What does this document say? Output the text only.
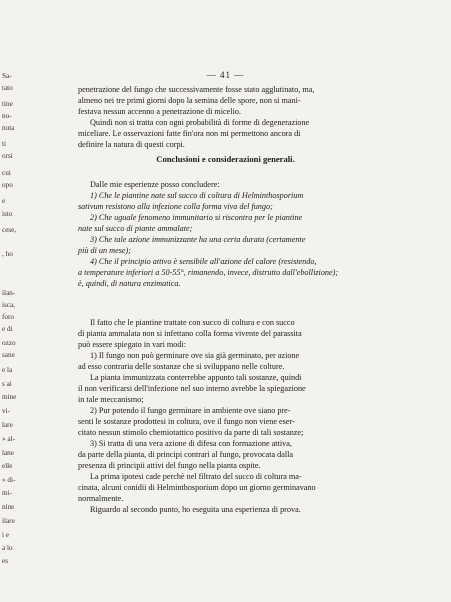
Sa-
tato
tine
no-
nuta
ti
orsi
cui
opo
e
isto
cese,
, ho
ilan-
isca,
foro
e di
ozzo
sane
e la
s ai
mine
vi-
lare
» al-
lane
elle
» di-
mi-
nine
ilare
i e
a lo
es
— 41 —
penetrazione del fungo che successivamente fosse stato agglutinato, ma,
almeno nei tre primi giorni dopo la semina delle spore, non si mani-
festava nessun accenno a penetrazione di micelio.
Quindi non si tratta con ogni probabilità di forme di degenerazione
miceliare. Le osservazioni fatte fin'ora non mi permettono ancora di
definire la natura di questi corpi.
Dalle mie esperienze posso concludere:
1) Che le piantine nate sul succo di coltura di Helminthosporium
sativum resistono alla infezione colla forma viva del fungo;
2) Che uguale fenomeno immunitario si riscontra per le piantine
nate sul succo di piante ammalate;
3) Che tale azione immunizzante ha una certa durata (certamente
più di un mese);
4) Che il principio attivo è sensibile all'azione del calore (resistendo,
a temperature inferiori a 50-55°, rimanendo, invece, distrutto dall'ebollizione);
è, quindi, di natura enzimatica.
Il fatto che le piantine trattate con succo di coltura e con succo
di pianta ammalata non si infettano colla forma vivente del parassita
può essere spiegato in vari modi:
1) Il fungo non può germinare ove sia già germinato, per azione
ad esso contraria delle sostanze che si sviluppano nelle colture.
La pianta immunizzata conterrebbe appunto tali sostanze, quindi
il non verificarsi dell'infezione nel suo interno avrebbe la spiegazione
in tale meccanismo;
2) Pur potendo il fungo germinare in ambiente ove siano pre-
senti le sostanze prodottesi in coltura, ove il fungo non viene eser-
citato nessun stimolo chemiotattico positivo da parte di tali sostanze;
3) Si tratta di una vera azione di difesa con formazione attiva,
da parte della pianta, di principi contrari al fungo, provocata dalla
presenza di principii attivi del fungo nella pianta ospite.
La prima ipotesi cade perchè nel filtrato del succo di coltura ma-
cinata, alcuni conidii di Helminthosporium dopo un giorno germinavano
normalmente.
Riguardo al secondo punto, ho eseguita una esperienza di prova.
Conclusioni e considerazioni generali.
